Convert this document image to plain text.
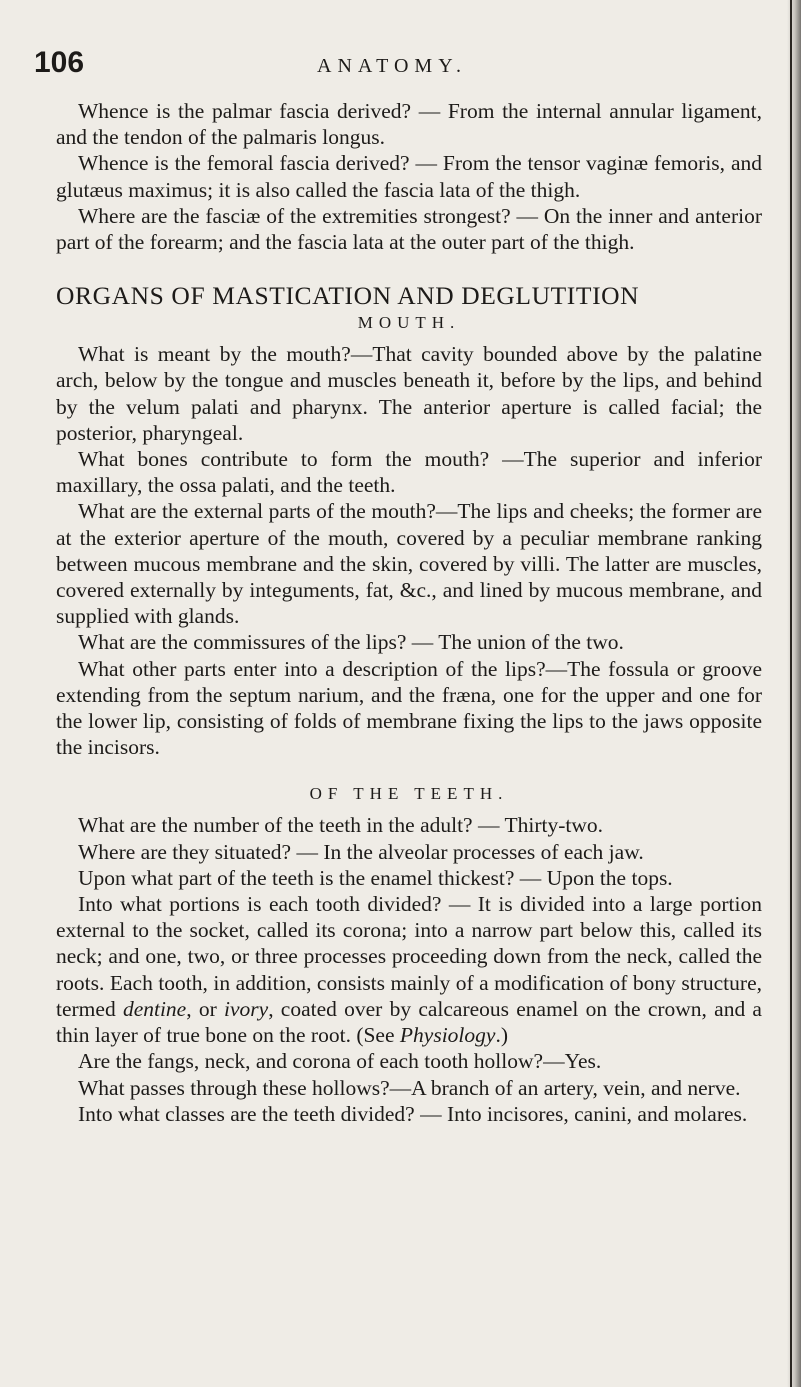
106	ANATOMY.

Whence is the palmar fascia derived? — From the internal annular ligament, and the tendon of the palmaris longus.

Whence is the femoral fascia derived? — From the tensor vaginæ femoris, and glutæus maximus; it is also called the fascia lata of the thigh.

Where are the fasciæ of the extremities strongest? — On the inner and anterior part of the forearm; and the fascia lata at the outer part of the thigh.

ORGANS OF MASTICATION AND DEGLUTITION
MOUTH.

What is meant by the mouth?—That cavity bounded above by the palatine arch, below by the tongue and muscles beneath it, before by the lips, and behind by the velum palati and pharynx. The anterior aperture is called facial; the posterior, pharyngeal.

What bones contribute to form the mouth? —The superior and inferior maxillary, the ossa palati, and the teeth.

What are the external parts of the mouth?—The lips and cheeks; the former are at the exterior aperture of the mouth, covered by a peculiar membrane ranking between mucous membrane and the skin, covered by villi. The latter are muscles, covered externally by integuments, fat, &c., and lined by mucous membrane, and supplied with glands.

What are the commissures of the lips? — The union of the two.

What other parts enter into a description of the lips?—The fossula or groove extending from the septum narium, and the fræna, one for the upper and one for the lower lip, consisting of folds of membrane fixing the lips to the jaws opposite the incisors.

OF THE TEETH.

What are the number of the teeth in the adult? — Thirty-two.

Where are they situated? — In the alveolar processes of each jaw.

Upon what part of the teeth is the enamel thickest? — Upon the tops.

Into what portions is each tooth divided? — It is divided into a large portion external to the socket, called its corona; into a narrow part below this, called its neck; and one, two, or three processes proceeding down from the neck, called the roots. Each tooth, in addition, consists mainly of a modification of bony structure, termed dentine, or ivory, coated over by calcareous enamel on the crown, and a thin layer of true bone on the root. (See Physiology.)

Are the fangs, neck, and corona of each tooth hollow?—Yes.

What passes through these hollows?—A branch of an artery, vein, and nerve.

Into what classes are the teeth divided? — Into incisores, canini, and molares.
